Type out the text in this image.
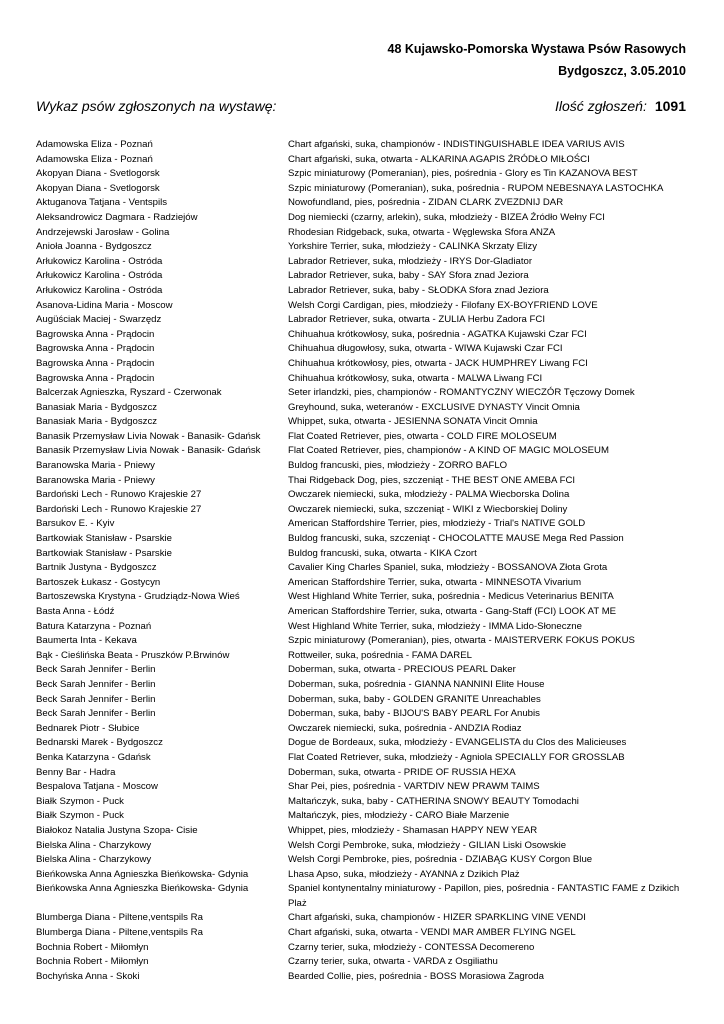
48 Kujawsko-Pomorska Wystawa Psów Rasowych
Bydgoszcz, 3.05.2010
Wykaz psów zgłoszonych na wystawę:	Ilość zgłoszeń: 1091
Adamowska Eliza - Poznań	Chart afgański, suka, championów - INDISTINGUISHABLE IDEA VARIUS AVIS
Adamowska Eliza - Poznań	Chart afgański, suka, otwarta - ALKARINA AGAPIS ŹRÓDŁO MIŁOŚCI
Akopyan Diana - Svetlogorsk	Szpic miniaturowy (Pomeranian), pies, pośrednia - Glory es Tin KAZANOVA BEST
Akopyan Diana - Svetlogorsk	Szpic miniaturowy (Pomeranian), suka, pośrednia - RUPOM NEBESNAYA LASTOCHKA
Aktuganova Tatjana - Ventspils	Nowofundland, pies, pośrednia - ZIDAN CLARK ZVEZDNIJ DAR
Aleksandrowicz Dagmara - Radziejów	Dog niemiecki (czarny, arlekin), suka, młodzieży - BIZEA Źródło Wełny FCI
Andrzejewski Jarosław - Golina	Rhodesian Ridgeback, suka, otwarta - Węglewska Sfora ANZA
Anioła Joanna - Bydgoszcz	Yorkshire Terrier, suka, młodzieży - CALINKA Skrzaty Elizy
Arłukowicz Karolina - Ostróda	Labrador Retriever, suka, młodzieży - IRYS Dor-Gladiator
Arłukowicz Karolina - Ostróda	Labrador Retriever, suka, baby - SAY Sfora znad Jeziora
Arłukowicz Karolina - Ostróda	Labrador Retriever, suka, baby - SŁODKA Sfora znad Jeziora
Asanova-Lidina Maria - Moscow	Welsh Corgi Cardigan, pies, młodzieży - Filofany EX-BOYFRIEND LOVE
Augüściak Maciej - Swarzędz	Labrador Retriever, suka, otwarta - ZULIA Herbu Zadora FCI
Bagrowska Anna - Prądocin	Chihuahua krótkowłosy, suka, pośrednia - AGATKA Kujawski Czar FCI
Bagrowska Anna - Prądocin	Chihuahua długowłosy, suka, otwarta - WIWA Kujawski Czar FCI
Bagrowska Anna - Prądocin	Chihuahua krótkowłosy, pies, otwarta - JACK HUMPHREY Liwang FCI
Bagrowska Anna - Prądocin	Chihuahua krótkowłosy, suka, otwarta - MALWA Liwang FCI
Balcerzak Agnieszka, Ryszard - Czerwonak	Seter irlandzki, pies, championów - ROMANTYCZNY WIECZÓR Tęczowy Domek
Banasiak Maria - Bydgoszcz	Greyhound, suka, weteranów - EXCLUSIVE DYNASTY Vincit Omnia
Banasiak Maria - Bydgoszcz	Whippet, suka, otwarta - JESIENNA SONATA Vincit Omnia
Banasik Przemysław Livia Nowak - Banasik- Gdańsk	Flat Coated Retriever, pies, otwarta - COLD FIRE MOLOSEUM
Banasik Przemysław Livia Nowak - Banasik- Gdańsk	Flat Coated Retriever, pies, championów - A KIND OF MAGIC MOLOSEUM
Baranowska Maria - Pniewy	Buldog francuski, pies, młodzieży - ZORRO BAFLO
Baranowska Maria - Pniewy	Thai Ridgeback Dog, pies, szczeniąt - THE BEST ONE AMEBA FCI
Bardoński Lech - Runowo Krajeskie 27	Owczarek niemiecki, suka, młodzieży - PALMA Wiecborska Dolina
Bardoński Lech - Runowo Krajeskie 27	Owczarek niemiecki, suka, szczeniąt - WIKI z Wiecborskiej Doliny
Barsukov E. - Kyiv	American Staffordshire Terrier, pies, młodzieży - Trial's NATIVE GOLD
Bartkowiak Stanisław - Psarskie	Buldog francuski, suka, szczeniąt - CHOCOLATTE MAUSE Mega Red Passion
Bartkowiak Stanisław - Psarskie	Buldog francuski, suka, otwarta - KIKA Czort
Bartnik Justyna - Bydgoszcz	Cavalier King Charles Spaniel, suka, młodzieży - BOSSANOVA Złota Grota
Bartoszek Łukasz - Gostycyn	American Staffordshire Terrier, suka, otwarta - MINNESOTA Vivarium
Bartoszewska Krystyna - Grudziądz-Nowa Wieś	West Highland White Terrier, suka, pośrednia - Medicus Veterinarius BENITA
Basta Anna - Łódź	American Staffordshire Terrier, suka, otwarta - Gang-Staff (FCI) LOOK AT ME
Batura Katarzyna - Poznań	West Highland White Terrier, suka, młodzieży - IMMA Lido-Słoneczne
Baumerta Inta - Kekava	Szpic miniaturowy (Pomeranian), pies, otwarta - MAISTERVERK FOKUS POKUS
Bąk - Cieślińska Beata - Pruszków P.Brwinów	Rottweiler, suka, pośrednia - FAMA DAREL
Beck Sarah Jennifer - Berlin	Doberman, suka, otwarta - PRECIOUS PEARL Daker
Beck Sarah Jennifer - Berlin	Doberman, suka, pośrednia - GIANNA NANNINI Elite House
Beck Sarah Jennifer - Berlin	Doberman, suka, baby - GOLDEN GRANITE Unreachables
Beck Sarah Jennifer - Berlin	Doberman, suka, baby - BIJOU'S BABY PEARL For Anubis
Bednarek Piotr - Słubice	Owczarek niemiecki, suka, pośrednia - ANDZIA Rodiaz
Bednarski Marek - Bydgoszcz	Dogue de Bordeaux, suka, młodzieży - EVANGELISTA du Clos des Malicieuses
Benka Katarzyna - Gdańsk	Flat Coated Retriever, suka, młodzieży - Agniola SPECIALLY FOR GROSSLAB
Benny Bar - Hadra	Doberman, suka, otwarta - PRIDE OF RUSSIA HEXA
Bespalova Tatjana - Moscow	Shar Pei, pies, pośrednia - VARTDIV NEW PRAWM TAIMS
Białk Szymon - Puck	Maltańczyk, suka, baby - CATHERINA SNOWY BEAUTY Tomodachi
Białk Szymon - Puck	Maltańczyk, pies, młodzieży - CARO Białe Marzenie
Białokoz Natalia Justyna Szopa- Cisie	Whippet, pies, młodzieży - Shamasan HAPPY NEW YEAR
Bielska Alina - Charzykowy	Welsh Corgi Pembroke, suka, młodzieży - GILIAN Liski Osowskie
Bielska Alina - Charzykowy	Welsh Corgi Pembroke, pies, pośrednia - DZIABĄG KUSY Corgon Blue
Bieńkowska Anna Agnieszka Bieńkowska- Gdynia	Lhasa Apso, suka, młodzieży - AYANNA z Dzikich Plaż
Bieńkowska Anna Agnieszka Bieńkowska- Gdynia	Spaniel kontynentalny miniaturowy - Papillon, pies, pośrednia - FANTASTIC FAME z Dzikich Plaż
Blumberga Diana - Piltene,ventspils Ra	Chart afgański, suka, championów - HIZER SPARKLING VINE VENDI
Blumberga Diana - Piltene,ventspils Ra	Chart afgański, suka, otwarta - VENDI MAR AMBER FLYING NGEL
Bochnia Robert - Miłomłyn	Czarny terier, suka, młodzieży - CONTESSA Decomereno
Bochnia Robert - Miłomłyn	Czarny terier, suka, otwarta - VARDA z Osgiliathu
Bochyńska Anna - Skoki	Bearded Collie, pies, pośrednia - BOSS Morasiowa Zagroda
